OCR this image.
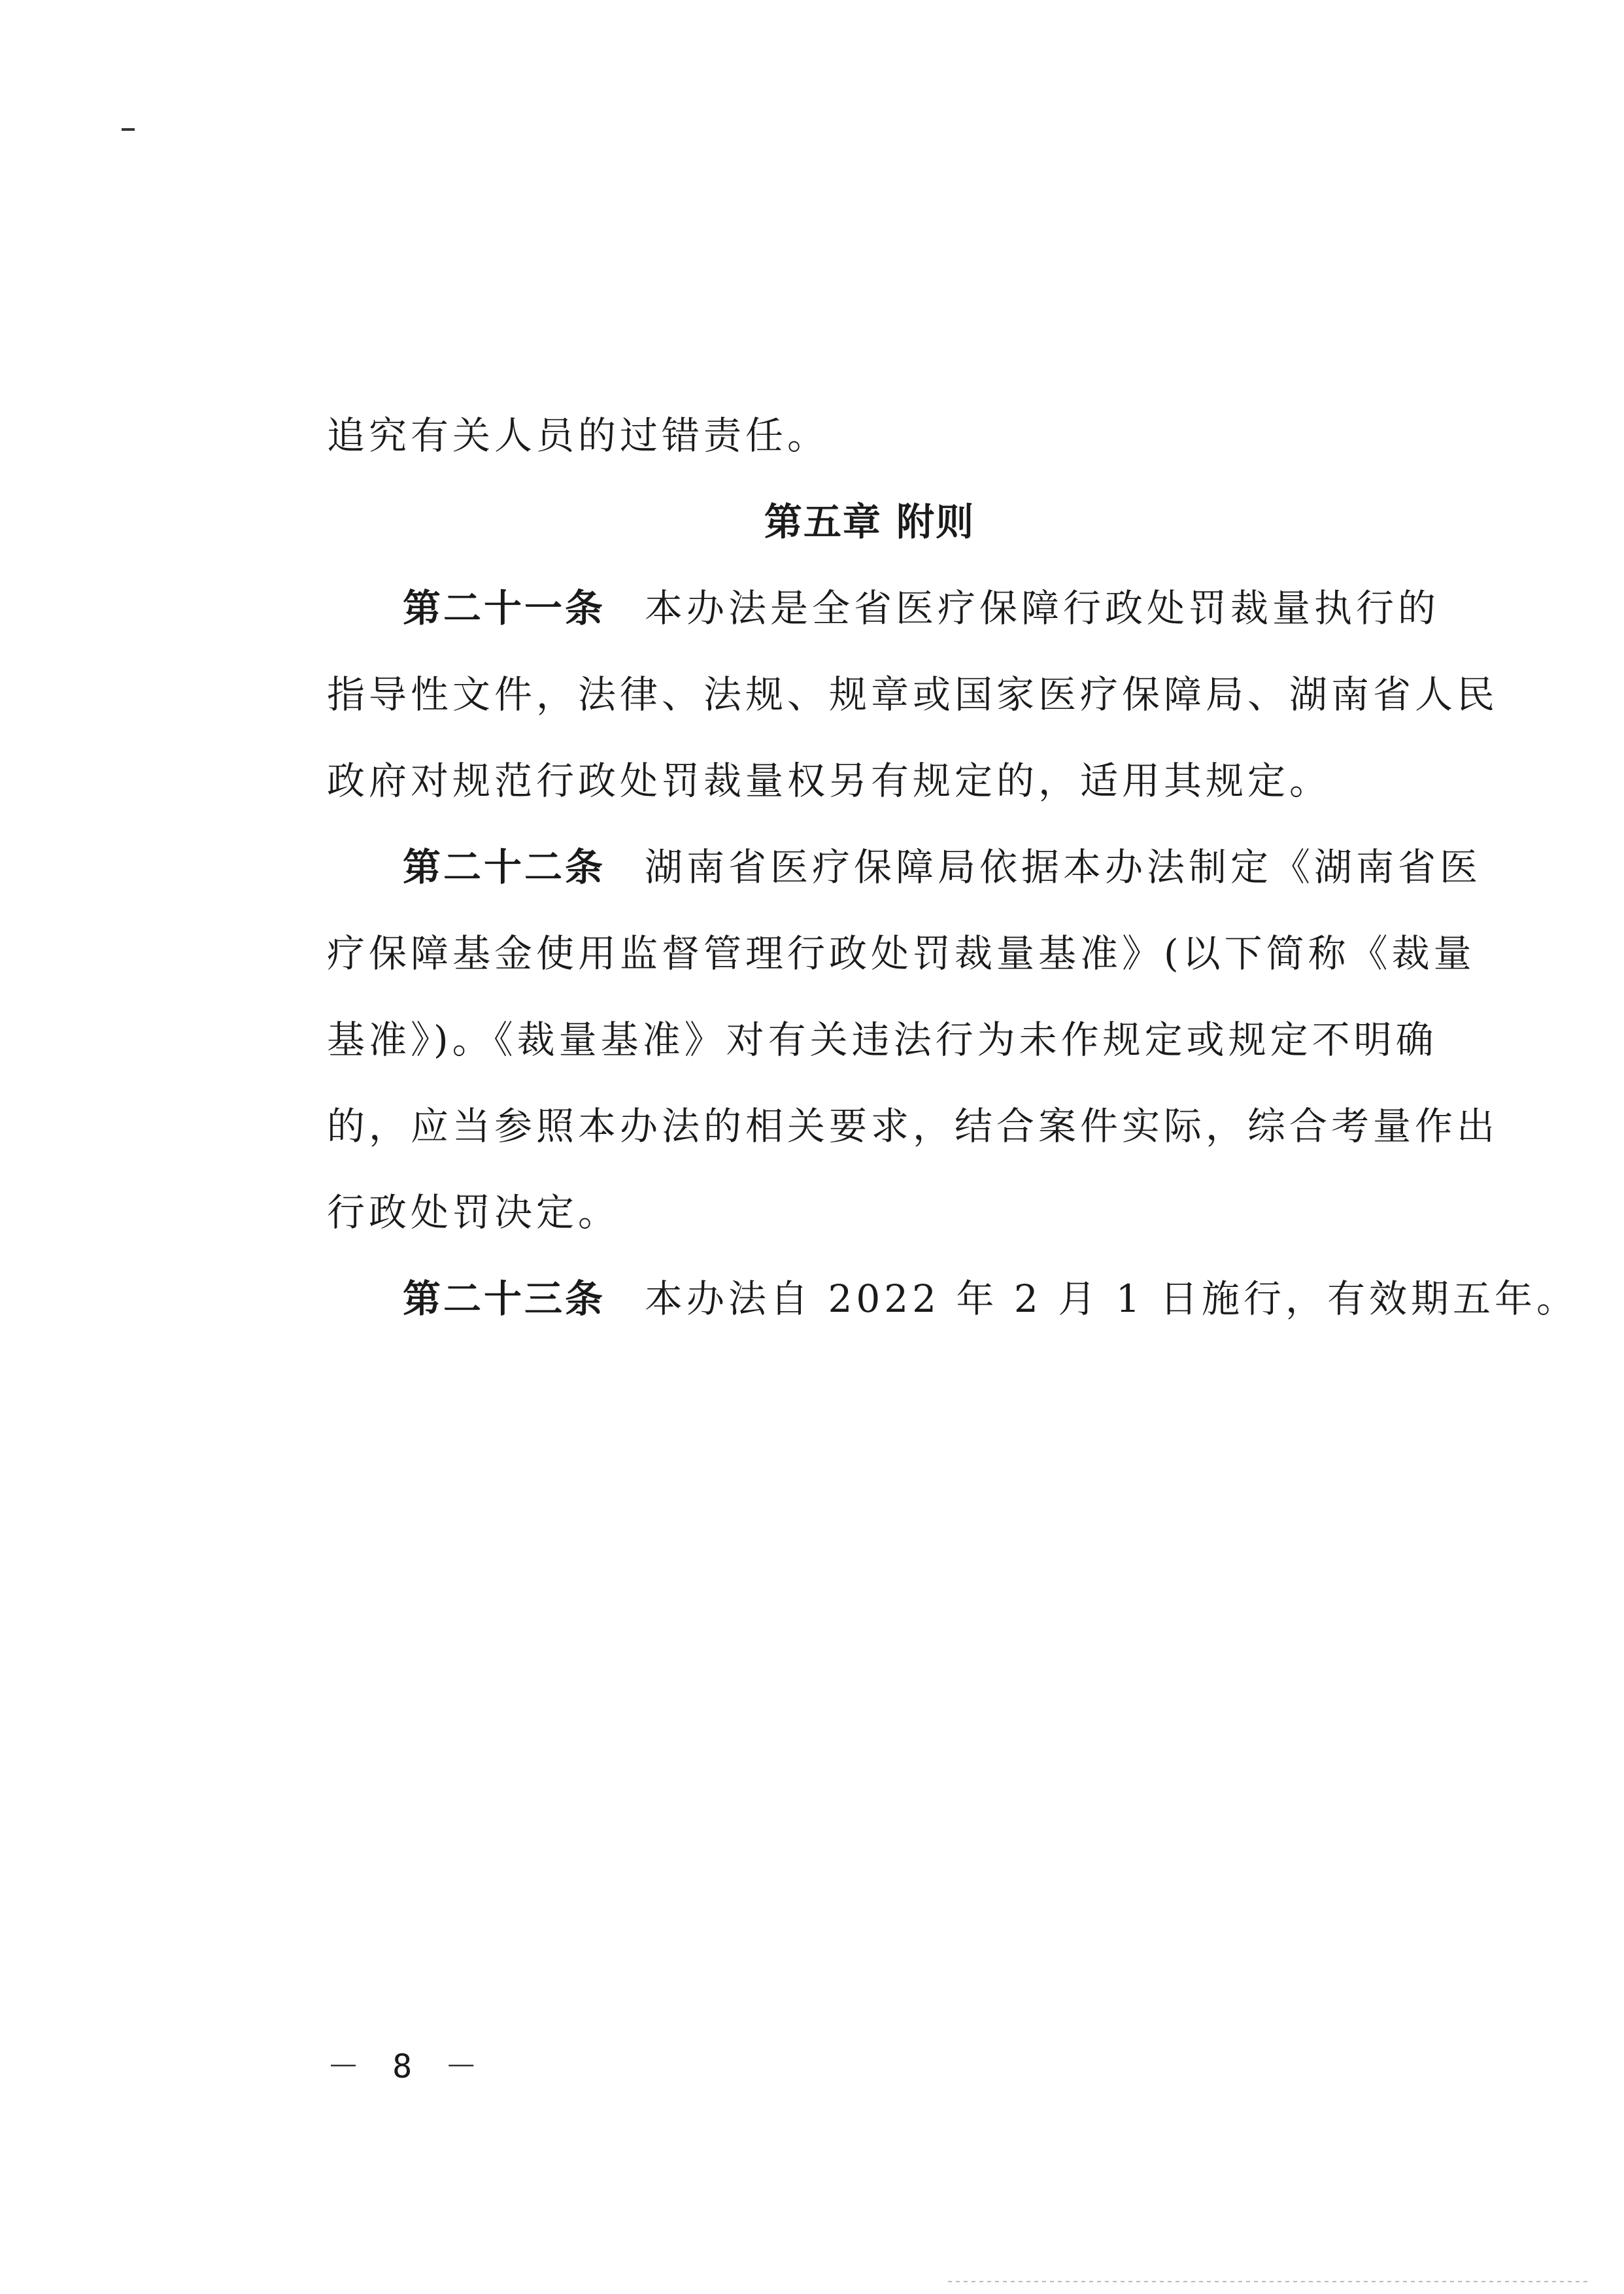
追究有关人员的过错责任。

第五章 附则

第二十一条 本办法是全省医疗保障行政处罚裁量执行的

指导性文件，法律、法规、规章或国家医疗保障局、湖南省人民

政府对规范行政处罚裁量权另有规定的，适用其规定。

第二十二条 湖南省医疗保障局依据本办法制定《湖南省医

疗保障基金使用监督管理行政处罚裁量基准》(以下简称《裁量

基准》)。《裁量基准》对有关违法行为未作规定或规定不明确

的，应当参照本办法的相关要求，结合案件实际，综合考量作出

行政处罚决定。

第二十三条 本办法自 2022 年 2 月 1 日施行，有效期五年。

－ 8 －
